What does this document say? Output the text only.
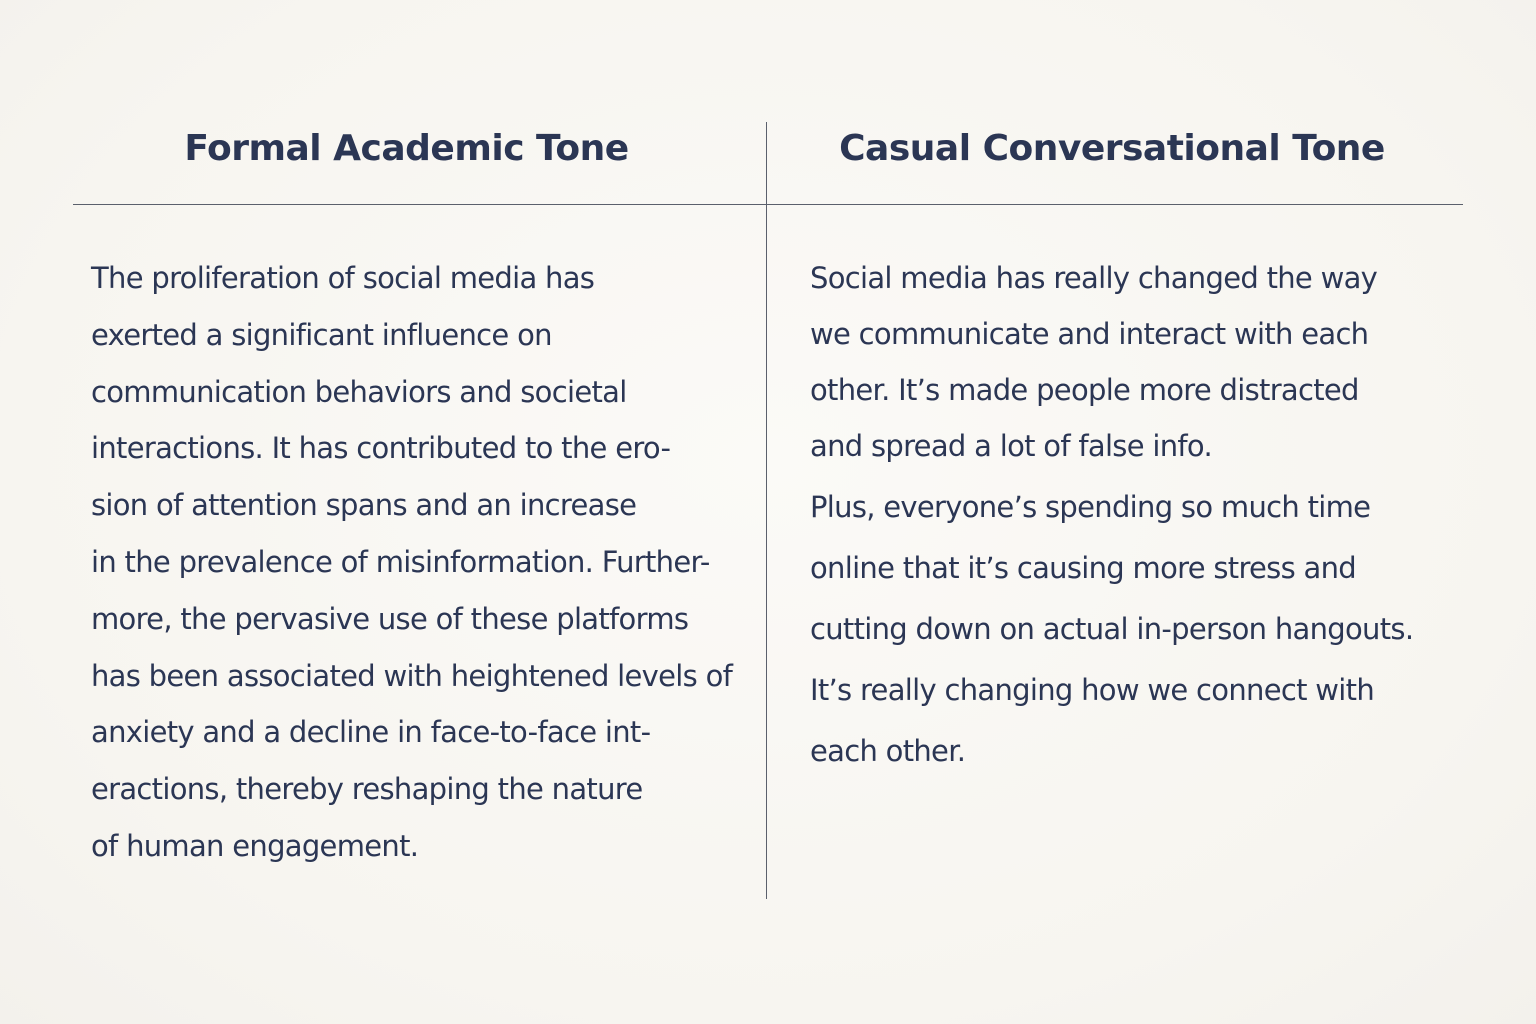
Formal Academic Tone	Casual Conversational Tone
The proliferation of social media has
exerted a significant influence on
communication behaviors and societal
interactions. It has contributed to the ero-
sion of attention spans and an increase
in the prevalence of misinformation. Further-
more, the pervasive use of these platforms
has been associated with heightened levels of
anxiety and a decline in face-to-face int-
eractions, thereby reshaping the nature
of human engagement.
Social media has really changed the way
we communicate and interact with each
other. It’s made people more distracted
and spread a lot of false info.
Plus, everyone’s spending so much time
online that it’s causing more stress and
cutting down on actual in-person hangouts.
It’s really changing how we connect with
each other.
